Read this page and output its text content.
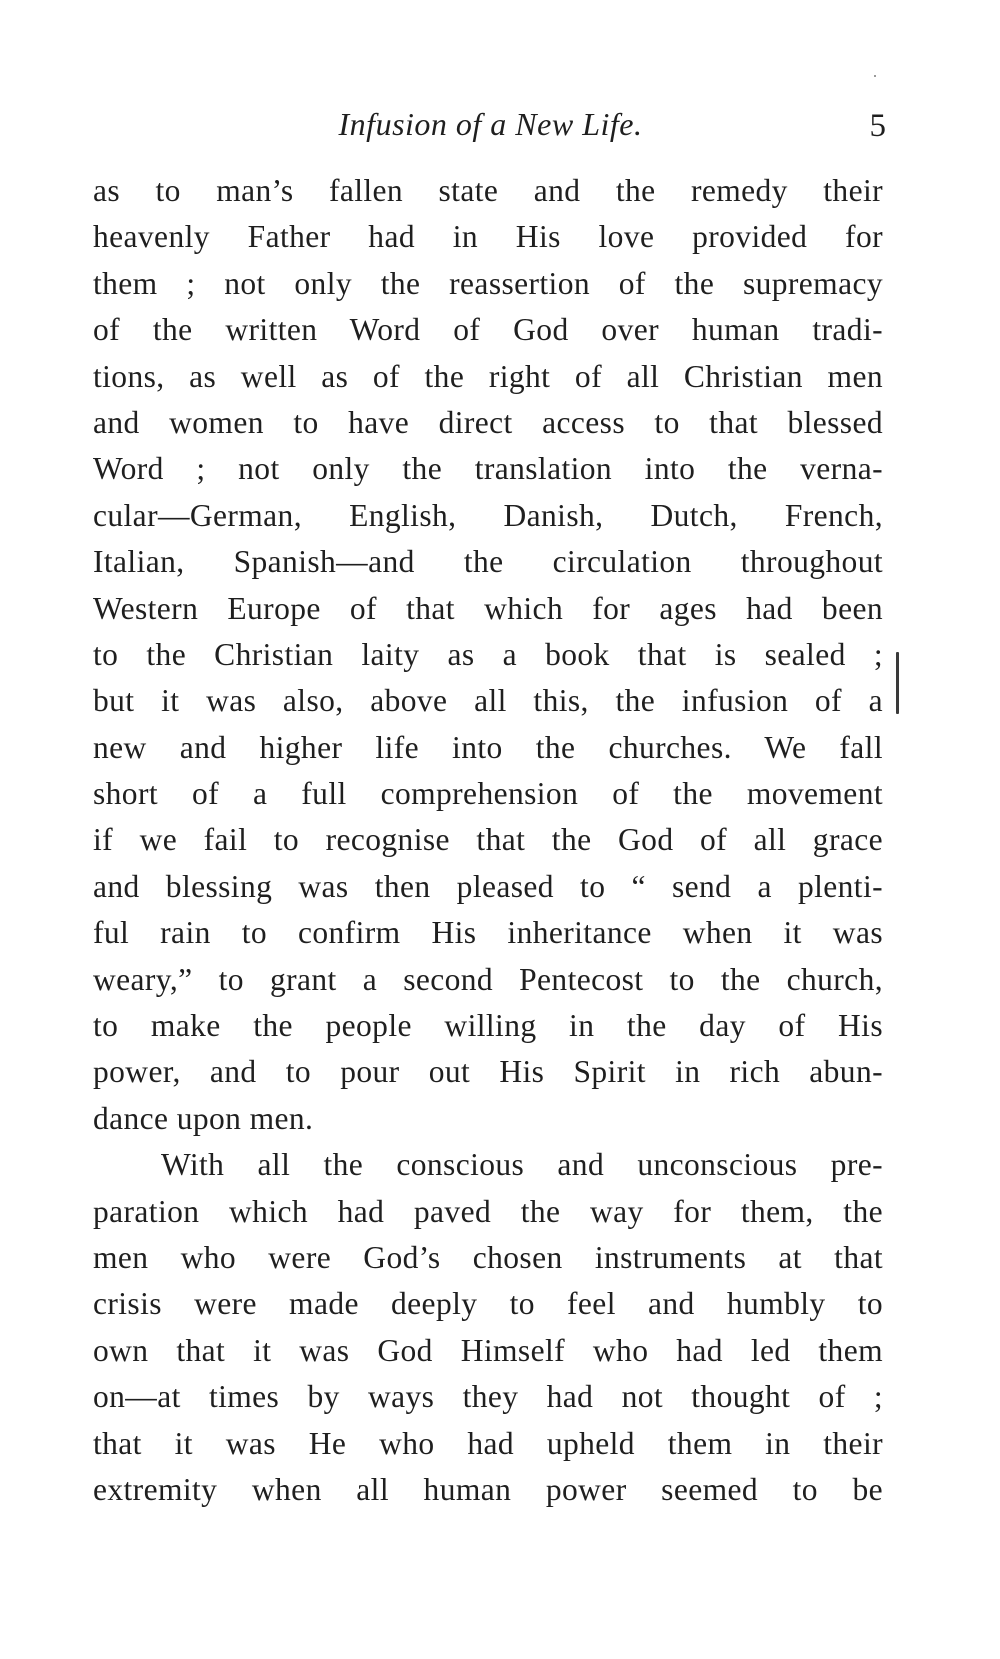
Infusion of a New Life.	5
as to man’s fallen state and the remedy their
heavenly Father had in His love provided for
them ; not only the reassertion of the supremacy
of the written Word of God over human tradi-
tions, as well as of the right of all Christian men
and women to have direct access to that blessed
Word ; not only the translation into the verna-
cular—German, English, Danish, Dutch, French,
Italian, Spanish—and the circulation throughout
Western Europe of that which for ages had been
to the Christian laity as a book that is sealed ;
but it was also, above all this, the infusion of a
new and higher life into the churches. We fall
short of a full comprehension of the movement
if we fail to recognise that the God of all grace
and blessing was then pleased to “ send a plenti-
ful rain to confirm His inheritance when it was
weary,” to grant a second Pentecost to the church,
to make the people willing in the day of His
power, and to pour out His Spirit in rich abun-
dance upon men.
With all the conscious and unconscious pre-
paration which had paved the way for them, the
men who were God’s chosen instruments at that
crisis were made deeply to feel and humbly to
own that it was God Himself who had led them
on—at times by ways they had not thought of ;
that it was He who had upheld them in their
extremity when all human power seemed to be
